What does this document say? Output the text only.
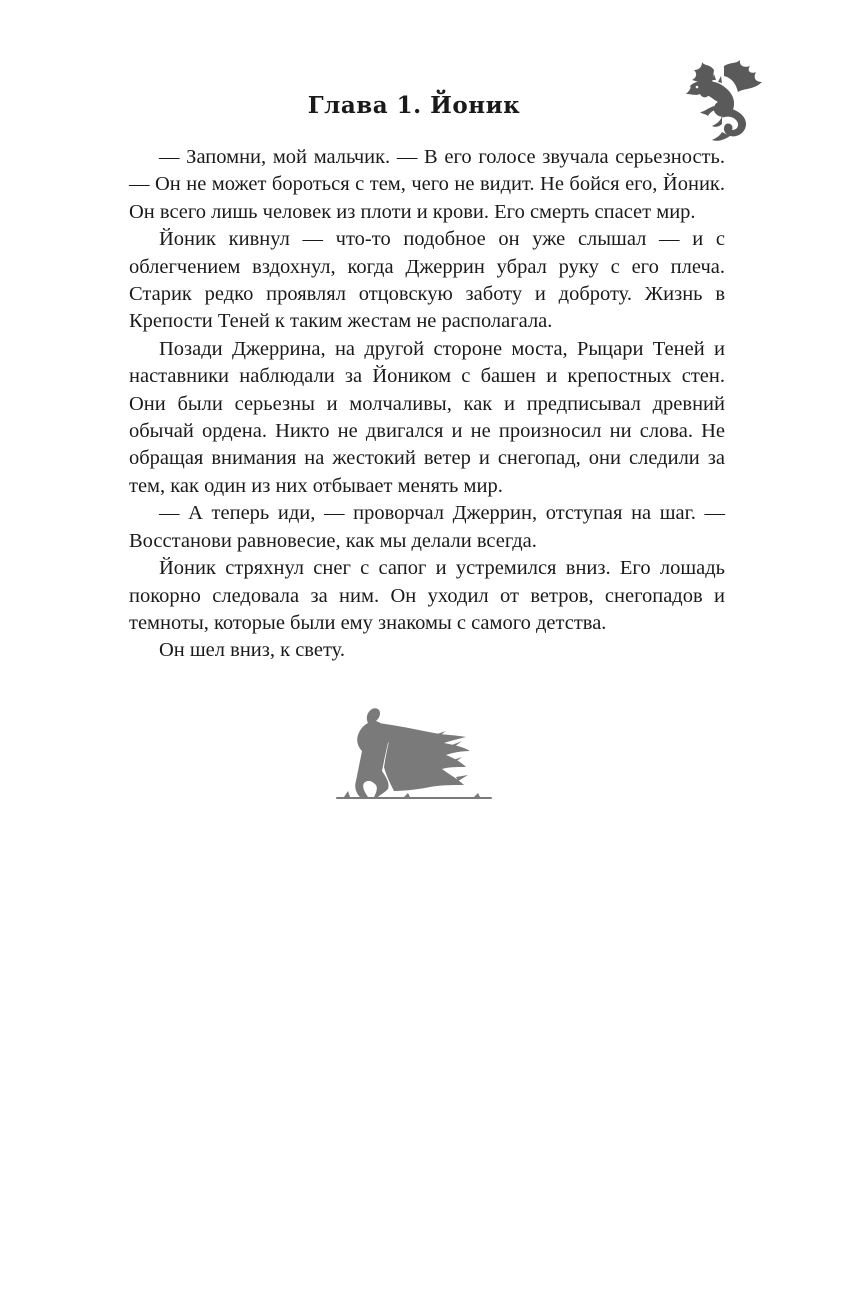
Глава 1. Йоник

— Запомни, мой мальчик. — В его голосе звучала серьезность. — Он не может бороться с тем, чего не видит. Не бойся его, Йоник. Он всего лишь человек из плоти и крови. Его смерть спасет мир.

Йоник кивнул — что-то подобное он уже слышал — и с облегчением вздохнул, когда Джеррин убрал руку с его плеча. Старик редко проявлял отцовскую заботу и доброту. Жизнь в Крепости Теней к таким жестам не располагала.

Позади Джеррина, на другой стороне моста, Рыцари Теней и наставники наблюдали за Йоником с башен и крепостных стен. Они были серьезны и молчаливы, как и предписывал древний обычай ордена. Никто не двигался и не произносил ни слова. Не обращая внимания на жестокий ветер и снегопад, они следили за тем, как один из них отбывает менять мир.

— А теперь иди, — проворчал Джеррин, отступая на шаг. — Восстанови равновесие, как мы делали всегда.

Йоник стряхнул снег с сапог и устремился вниз. Его лошадь покорно следовала за ним. Он уходил от ветров, снегопадов и темноты, которые были ему знакомы с самого детства.

Он шел вниз, к свету.
